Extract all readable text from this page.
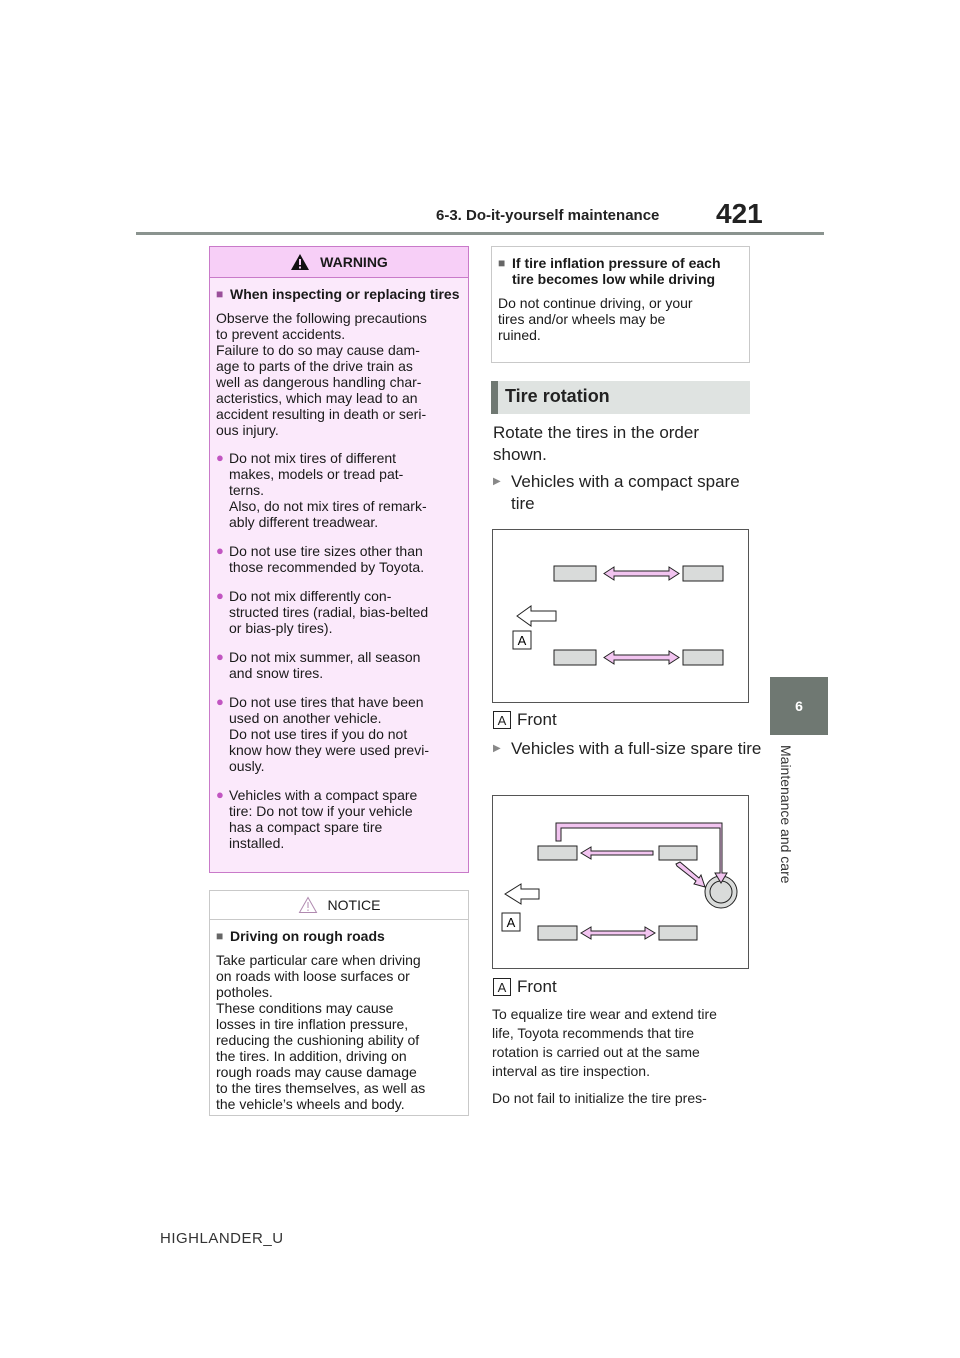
6-3. Do-it-yourself maintenance 421
6
Maintenance and care
WARNING
■ When inspecting or replacing tires
Observe the following precautions
to prevent accidents.
Failure to do so may cause dam-
age to parts of the drive train as
well as dangerous handling char-
acteristics, which may lead to an
accident resulting in death or seri-
ous injury.
● Do not mix tires of different
makes, models or tread pat-
terns.
Also, do not mix tires of remark-
ably different treadwear.
● Do not use tire sizes other than
those recommended by Toyota.
● Do not mix differently con-
structed tires (radial, bias-belted
or bias-ply tires).
● Do not mix summer, all season
and snow tires.
● Do not use tires that have been
used on another vehicle.
Do not use tires if you do not
know how they were used previ-
ously.
● Vehicles with a compact spare
tire: Do not tow if your vehicle
has a compact spare tire
installed.
NOTICE
■ Driving on rough roads
Take particular care when driving
on roads with loose surfaces or
potholes.
These conditions may cause
losses in tire inflation pressure,
reducing the cushioning ability of
the tires. In addition, driving on
rough roads may cause damage
to the tires themselves, as well as
the vehicle’s wheels and body.
■ If tire inflation pressure of each tire becomes low while driving
Do not continue driving, or your
tires and/or wheels may be
ruined.
Tire rotation
Rotate the tires in the order shown.
▶ Vehicles with a compact spare tire
A
A Front
▶ Vehicles with a full-size spare tire
A
A Front
To equalize tire wear and extend tire life, Toyota recommends that tire rotation is carried out at the same interval as tire inspection.
Do not fail to initialize the tire pres-
HIGHLANDER_U
